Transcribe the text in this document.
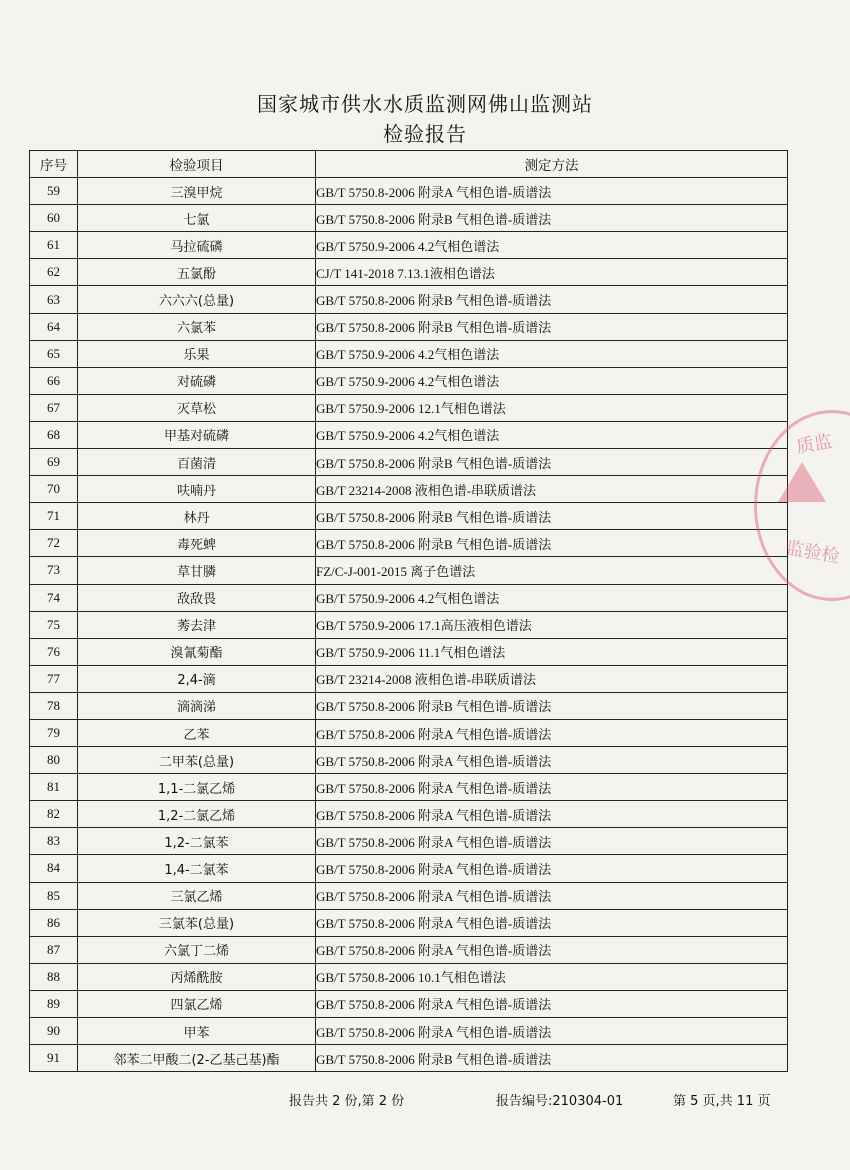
国家城市供水水质监测网佛山监测站
检验报告
序号	检验项目	测定方法
59	三溴甲烷	GB/T 5750.8-2006 附录A 气相色谱-质谱法
60	七氯	GB/T 5750.8-2006 附录B 气相色谱-质谱法
61	马拉硫磷	GB/T 5750.9-2006 4.2气相色谱法
62	五氯酚	CJ/T 141-2018 7.13.1液相色谱法
63	六六六(总量)	GB/T 5750.8-2006 附录B 气相色谱-质谱法
64	六氯苯	GB/T 5750.8-2006 附录B 气相色谱-质谱法
65	乐果	GB/T 5750.9-2006 4.2气相色谱法
66	对硫磷	GB/T 5750.9-2006 4.2气相色谱法
67	灭草松	GB/T 5750.9-2006 12.1气相色谱法
68	甲基对硫磷	GB/T 5750.9-2006 4.2气相色谱法
69	百菌清	GB/T 5750.8-2006 附录B 气相色谱-质谱法
70	呋喃丹	GB/T 23214-2008 液相色谱-串联质谱法
71	林丹	GB/T 5750.8-2006 附录B 气相色谱-质谱法
72	毒死蜱	GB/T 5750.8-2006 附录B 气相色谱-质谱法
73	草甘膦	FZ/C-J-001-2015 离子色谱法
74	敌敌畏	GB/T 5750.9-2006 4.2气相色谱法
75	莠去津	GB/T 5750.9-2006 17.1高压液相色谱法
76	溴氰菊酯	GB/T 5750.9-2006 11.1气相色谱法
77	2,4-滴	GB/T 23214-2008 液相色谱-串联质谱法
78	滴滴涕	GB/T 5750.8-2006 附录B 气相色谱-质谱法
79	乙苯	GB/T 5750.8-2006 附录A 气相色谱-质谱法
80	二甲苯(总量)	GB/T 5750.8-2006 附录A 气相色谱-质谱法
81	1,1-二氯乙烯	GB/T 5750.8-2006 附录A 气相色谱-质谱法
82	1,2-二氯乙烯	GB/T 5750.8-2006 附录A 气相色谱-质谱法
83	1,2-二氯苯	GB/T 5750.8-2006 附录A 气相色谱-质谱法
84	1,4-二氯苯	GB/T 5750.8-2006 附录A 气相色谱-质谱法
85	三氯乙烯	GB/T 5750.8-2006 附录A 气相色谱-质谱法
86	三氯苯(总量)	GB/T 5750.8-2006 附录A 气相色谱-质谱法
87	六氯丁二烯	GB/T 5750.8-2006 附录A 气相色谱-质谱法
88	丙烯酰胺	GB/T 5750.8-2006 10.1气相色谱法
89	四氯乙烯	GB/T 5750.8-2006 附录A 气相色谱-质谱法
90	甲苯	GB/T 5750.8-2006 附录A 气相色谱-质谱法
91	邻苯二甲酸二(2-乙基己基)酯	GB/T 5750.8-2006 附录B 气相色谱-质谱法
质监
监验检
报告共 2 份,第 2 份	报告编号:210304-01	第 5 页,共 11 页
